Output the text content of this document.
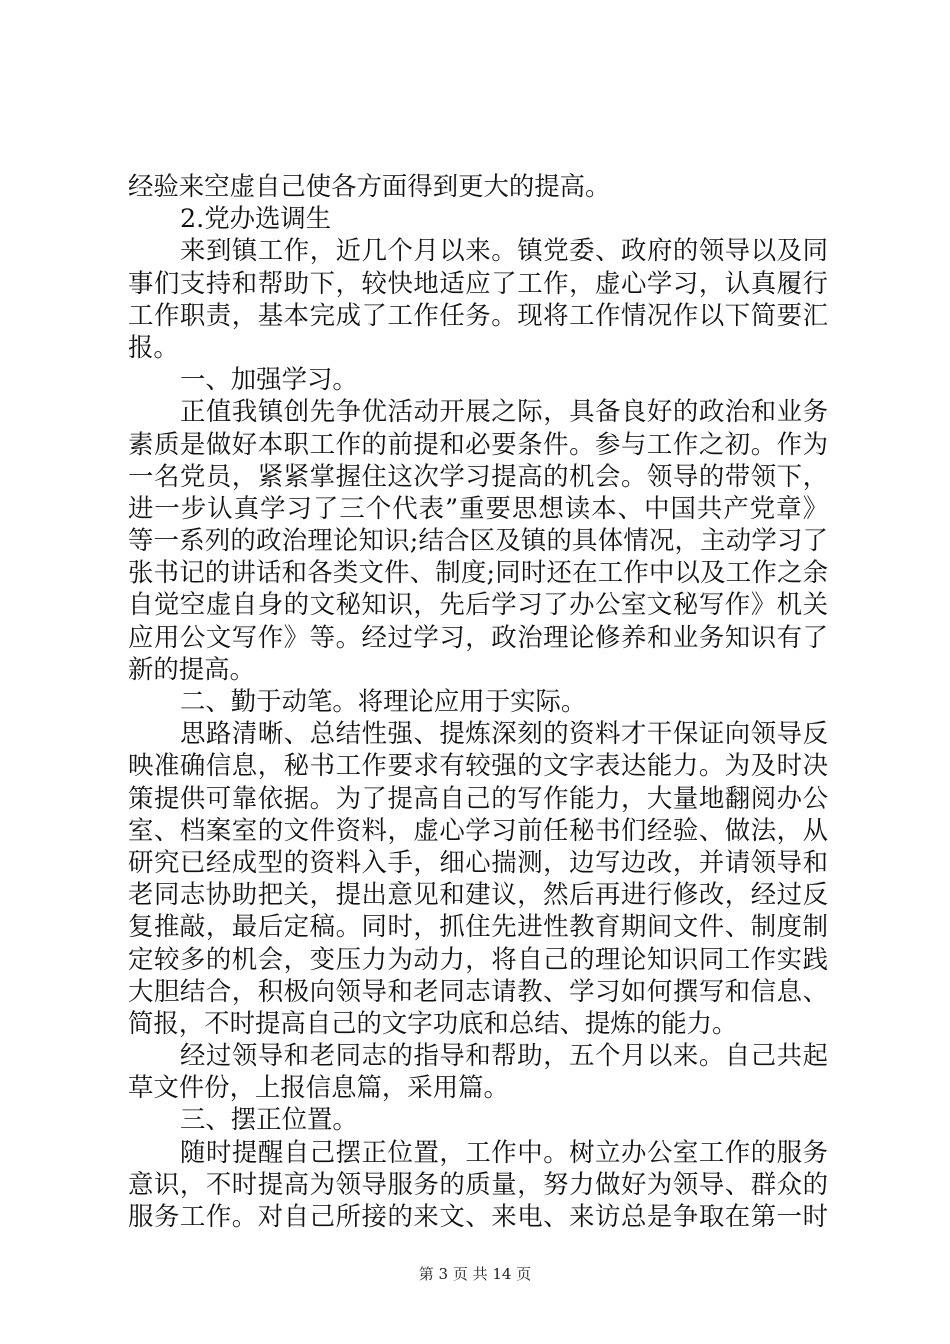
经验来空虚自己使各方面得到更大的提高。
2.党办选调生
来到镇工作，近几个月以来。镇党委、政府的领导以及同
事们支持和帮助下，较快地适应了工作，虚心学习，认真履行
工作职责，基本完成了工作任务。现将工作情况作以下简要汇
报。
一、加强学习。
正值我镇创先争优活动开展之际，具备良好的政治和业务
素质是做好本职工作的前提和必要条件。参与工作之初。作为
一名党员，紧紧掌握住这次学习提高的机会。领导的带领下，
进一步认真学习了三个代表”重要思想读本、中国共产党章》
等一系列的政治理论知识;结合区及镇的具体情况，主动学习了
张书记的讲话和各类文件、制度;同时还在工作中以及工作之余
自觉空虚自身的文秘知识，先后学习了办公室文秘写作》机关
应用公文写作》等。经过学习，政治理论修养和业务知识有了
新的提高。
二、勤于动笔。将理论应用于实际。
思路清晰、总结性强、提炼深刻的资料才干保证向领导反
映准确信息，秘书工作要求有较强的文字表达能力。为及时决
策提供可靠依据。为了提高自己的写作能力，大量地翻阅办公
室、档案室的文件资料，虚心学习前任秘书们经验、做法，从
研究已经成型的资料入手，细心揣测，边写边改，并请领导和
老同志协助把关，提出意见和建议，然后再进行修改，经过反
复推敲，最后定稿。同时，抓住先进性教育期间文件、制度制
定较多的机会，变压力为动力，将自己的理论知识同工作实践
大胆结合，积极向领导和老同志请教、学习如何撰写和信息、
简报，不时提高自己的文字功底和总结、提炼的能力。
经过领导和老同志的指导和帮助，五个月以来。自己共起
草文件份，上报信息篇，采用篇。
三、摆正位置。
随时提醒自己摆正位置，工作中。树立办公室工作的服务
意识，不时提高为领导服务的质量，努力做好为领导、群众的
服务工作。对自己所接的来文、来电、来访总是争取在第一时
第 3 页 共 14 页
